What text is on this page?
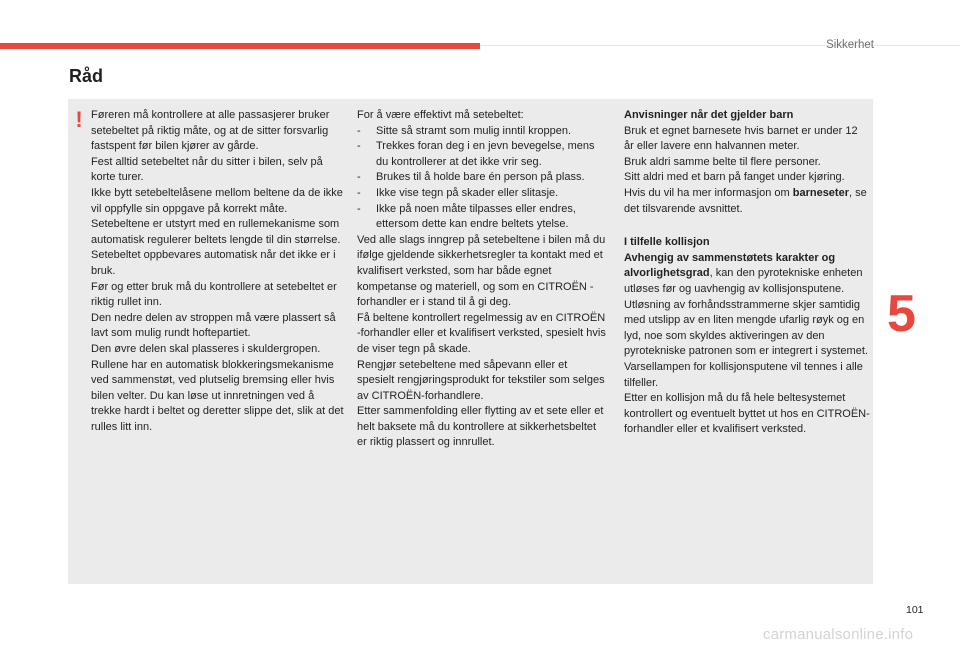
Sikkerhet
Råd
! Føreren må kontrollere at alle passasjerer bruker setebeltet på riktig måte, og at de sitter forsvarlig fastspent før bilen kjører av gårde.

Fest alltid setebeltet når du sitter i bilen, selv på korte turer.

Ikke bytt setebeltelåsene mellom beltene da de ikke vil oppfylle sin oppgave på korrekt måte.

Setebeltene er utstyrt med en rullemekanisme som automatisk regulerer beltets lengde til din størrelse. Setebeltet oppbevares automatisk når det ikke er i bruk.

Før og etter bruk må du kontrollere at setebeltet er riktig rullet inn.

Den nedre delen av stroppen må være plassert så lavt som mulig rundt hoftepartiet.

Den øvre delen skal plasseres i skuldergropen.

Rullene har en automatisk blokkeringsmekanisme ved sammenstøt, ved plutselig bremsing eller hvis bilen velter. Du kan løse ut innretningen ved å trekke hardt i beltet og deretter slippe det, slik at det rulles litt inn.

For å være effektivt må setebeltet:

- Sitte så stramt som mulig inntil kroppen.

- Trekkes foran deg i en jevn bevegelse, mens du kontrollerer at det ikke vrir seg.

- Brukes til å holde bare én person på plass.

- Ikke vise tegn på skader eller slitasje.

- Ikke på noen måte tilpasses eller endres, ettersom dette kan endre beltets ytelse.

Ved alle slags inngrep på setebeltene i bilen må du ifølge gjeldende sikkerhetsregler ta kontakt med et kvalifisert verksted, som har både egnet kompetanse og materiell, og som en CITROËN -forhandler er i stand til å gi deg.

Få beltene kontrollert regelmessig av en CITROËN -forhandler eller et kvalifisert verksted, spesielt hvis de viser tegn på skade.

Rengjør setebeltene med såpevann eller et spesielt rengjøringsprodukt for tekstiler som selges av CITROËN-forhandlere.

Etter sammenfolding eller flytting av et sete eller et helt baksete må du kontrollere at sikkerhetsbeltet er riktig plassert og innrullet.

Anvisninger når det gjelder barn

Bruk et egnet barnesete hvis barnet er under 12 år eller lavere enn halvannen meter.

Bruk aldri samme belte til flere personer.

Sitt aldri med et barn på fanget under kjøring.

Hvis du vil ha mer informasjon om barneseter, se det tilsvarende avsnittet.

I tilfelle kollisjon

Avhengig av sammenstøtets karakter og alvorlighetsgrad, kan den pyrotekniske enheten utløses før og uavhengig av kollisjonsputene. Utløsning av forhåndsstrammerne skjer samtidig med utslipp av en liten mengde ufarlig røyk og en lyd, noe som skyldes aktiveringen av den pyrotekniske patronen som er integrert i systemet.

Varsellampen for kollisjonsputene vil tennes i alle tilfeller.

Etter en kollisjon må du få hele beltesystemet kontrollert og eventuelt byttet ut hos en CITROËN-forhandler eller et kvalifisert verksted.

5
101
carmanualsonline.info
